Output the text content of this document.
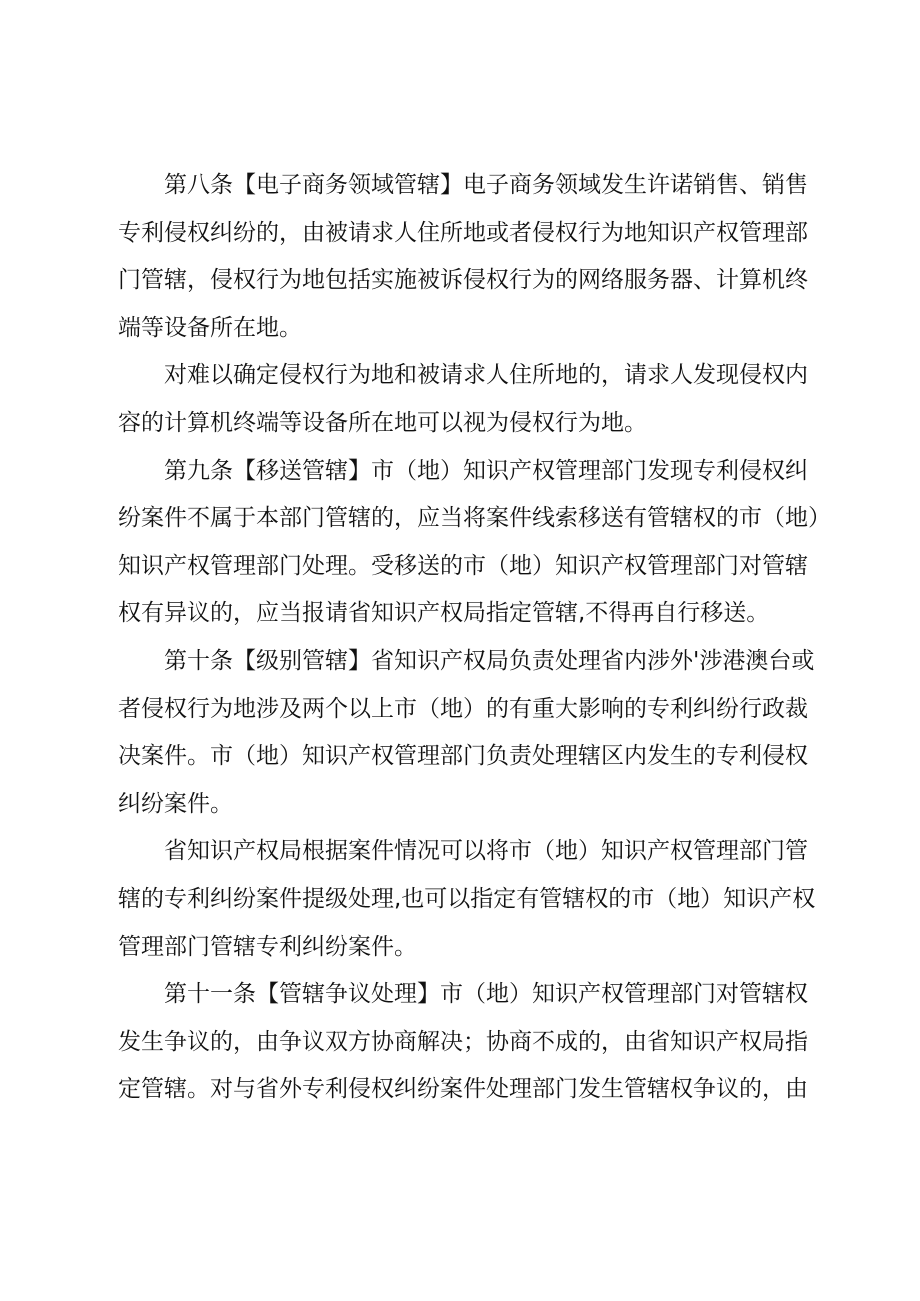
第八条【电子商务领域管辖】电子商务领域发生许诺销售、销售
专利侵权纠纷的，由被请求人住所地或者侵权行为地知识产权管理部
门管辖，侵权行为地包括实施被诉侵权行为的网络服务器、计算机终
端等设备所在地。

对难以确定侵权行为地和被请求人住所地的，请求人发现侵权内
容的计算机终端等设备所在地可以视为侵权行为地。

第九条【移送管辖】市（地）知识产权管理部门发现专利侵权纠
纷案件不属于本部门管辖的，应当将案件线索移送有管辖权的市（地）
知识产权管理部门处理。受移送的市（地）知识产权管理部门对管辖
权有异议的，应当报请省知识产权局指定管辖,不得再自行移送。

第十条【级别管辖】省知识产权局负责处理省内涉外'涉港澳台或
者侵权行为地涉及两个以上市（地）的有重大影响的专利纠纷行政裁
决案件。市（地）知识产权管理部门负责处理辖区内发生的专利侵权
纠纷案件。

省知识产权局根据案件情况可以将市（地）知识产权管理部门管
辖的专利纠纷案件提级处理,也可以指定有管辖权的市（地）知识产权
管理部门管辖专利纠纷案件。

第十一条【管辖争议处理】市（地）知识产权管理部门对管辖权
发生争议的，由争议双方协商解决；协商不成的，由省知识产权局指
定管辖。对与省外专利侵权纠纷案件处理部门发生管辖权争议的，由
